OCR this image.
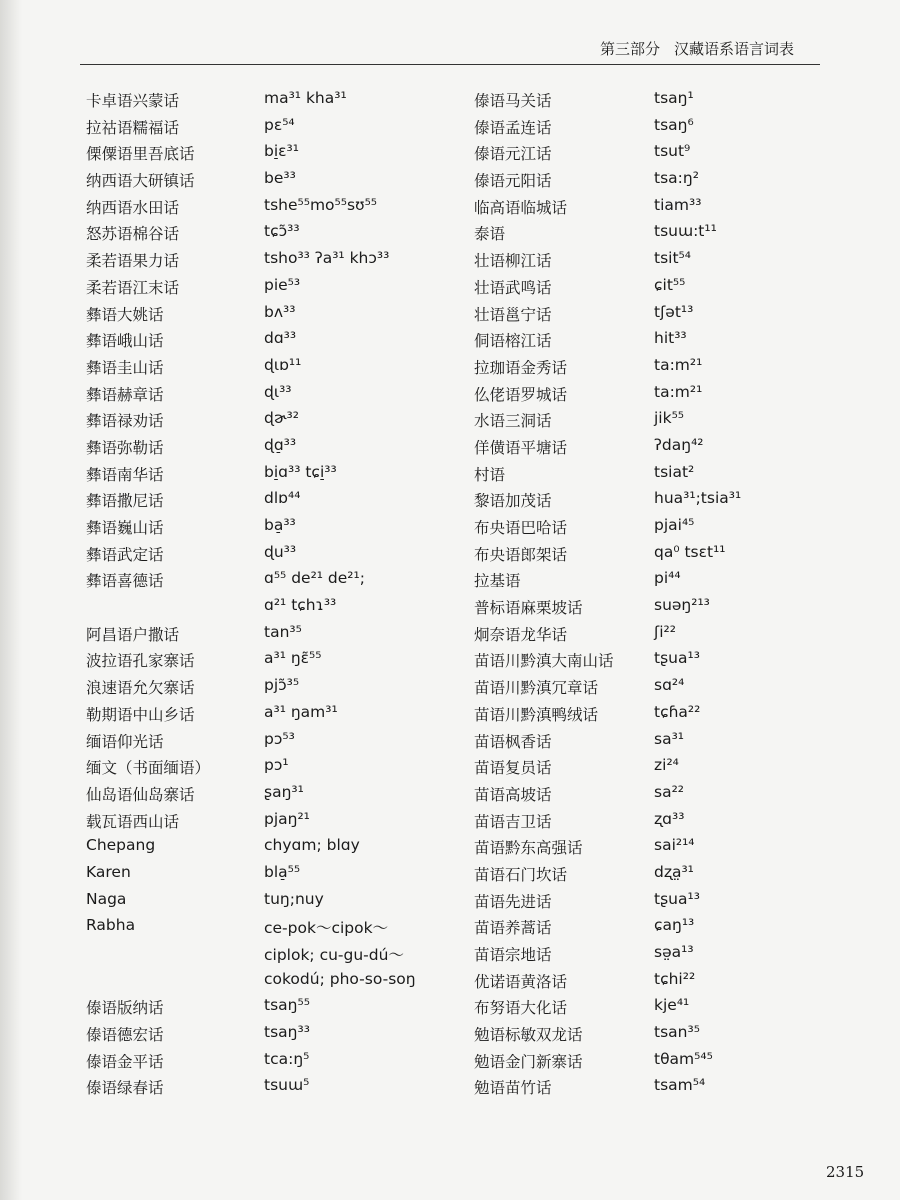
第三部分 汉藏语系语言词表
卡卓语兴蒙话	ma³¹ kha³¹
拉祜语糯福话	pɛ⁵⁴
傈僳语里吾底话	bi̠ɛ³¹
纳西语大研镇话	be³³
纳西语水田话	tshe⁵⁵mo⁵⁵sʊ⁵⁵
怒苏语棉谷话	tɕɔ̃³³
柔若语果力话	tsho³³ ʔa³¹ khɔ³³
柔若语江末话	pie⁵³
彝语大姚话	bʌ³³
彝语峨山话	dɑ³³
彝语圭山话	ɖɩɒ¹¹
彝语赫章话	ɖɩ³³
彝语禄劝话	ɖɚ³²
彝语弥勒话	ɖɑ̠³³
彝语南华话	bi̠ɑ³³ tɕi̠³³
彝语撒尼话	dlɒ⁴⁴
彝语巍山话	ba̠³³
彝语武定话	ɖu³³
彝语喜德话	ɑ⁵⁵ de²¹ de²¹;
ɑ²¹ tɕhɿ³³
阿昌语户撒话	tan³⁵
波拉语孔家寨话	a³¹ ŋɛ̃⁵⁵
浪速语允欠寨话	pjɔ̃³⁵
勒期语中山乡话	a³¹ ŋam³¹
缅语仰光话	pɔ⁵³
缅文（书面缅语）	pɔ¹
仙岛语仙岛寨话	ʂaŋ³¹
载瓦语西山话	pjaŋ²¹
Chepang	chyɑm; blɑy
Karen	bla̠⁵⁵
Naga	tuŋ;nuy
Rabha	ce-pok～cipok～
ciplok; cu-gu-dú～
cokodú; pho-so-soŋ
傣语版纳话	tsaŋ⁵⁵
傣语德宏话	tsaŋ³³
傣语金平话	tca:ŋ⁵
傣语绿春话	tsuɯ⁵
傣语马关话	tsaŋ¹
傣语孟连话	tsaŋ⁶
傣语元江话	tsut⁹
傣语元阳话	tsa:ŋ²
临高语临城话	tiam³³
泰语	tsuɯ:t¹¹
壮语柳江话	tsit⁵⁴
壮语武鸣话	ɕit⁵⁵
壮语邕宁话	tʃət¹³
侗语榕江话	hit³³
拉珈语金秀话	ta:m²¹
仫佬语罗城话	ta:m²¹
水语三洞话	jik⁵⁵
佯僙语平塘话	ʔdaŋ⁴²
村语	tsiat²
黎语加茂话	hua³¹;tsia³¹
布央语巴哈话	pjai⁴⁵
布央语郎架话	qa⁰ tsɛt¹¹
拉基语	pi⁴⁴
普标语麻栗坡话	suəŋ²¹³
炯奈语龙华话	ʃi²²
苗语川黔滇大南山话	tʂua¹³
苗语川黔滇冗章话	sɑ²⁴
苗语川黔滇鸭绒话	tɕɦa²²
苗语枫香话	sa³¹
苗语复员话	zi²⁴
苗语高坡话	sa²²
苗语吉卫话	ʐɑ³³
苗语黔东高强话	sai²¹⁴
苗语石门坎话	dʐa̤³¹
苗语先进话	tʂua¹³
苗语养蒿话	ɕaŋ¹³
苗语宗地话	sə̤a¹³
优诺语黄洛话	tɕhi²²
布努语大化话	kje⁴¹
勉语标敏双龙话	tsan³⁵
勉语金门新寨话	tθam⁵⁴⁵
勉语苗竹话	tsam⁵⁴
2315
